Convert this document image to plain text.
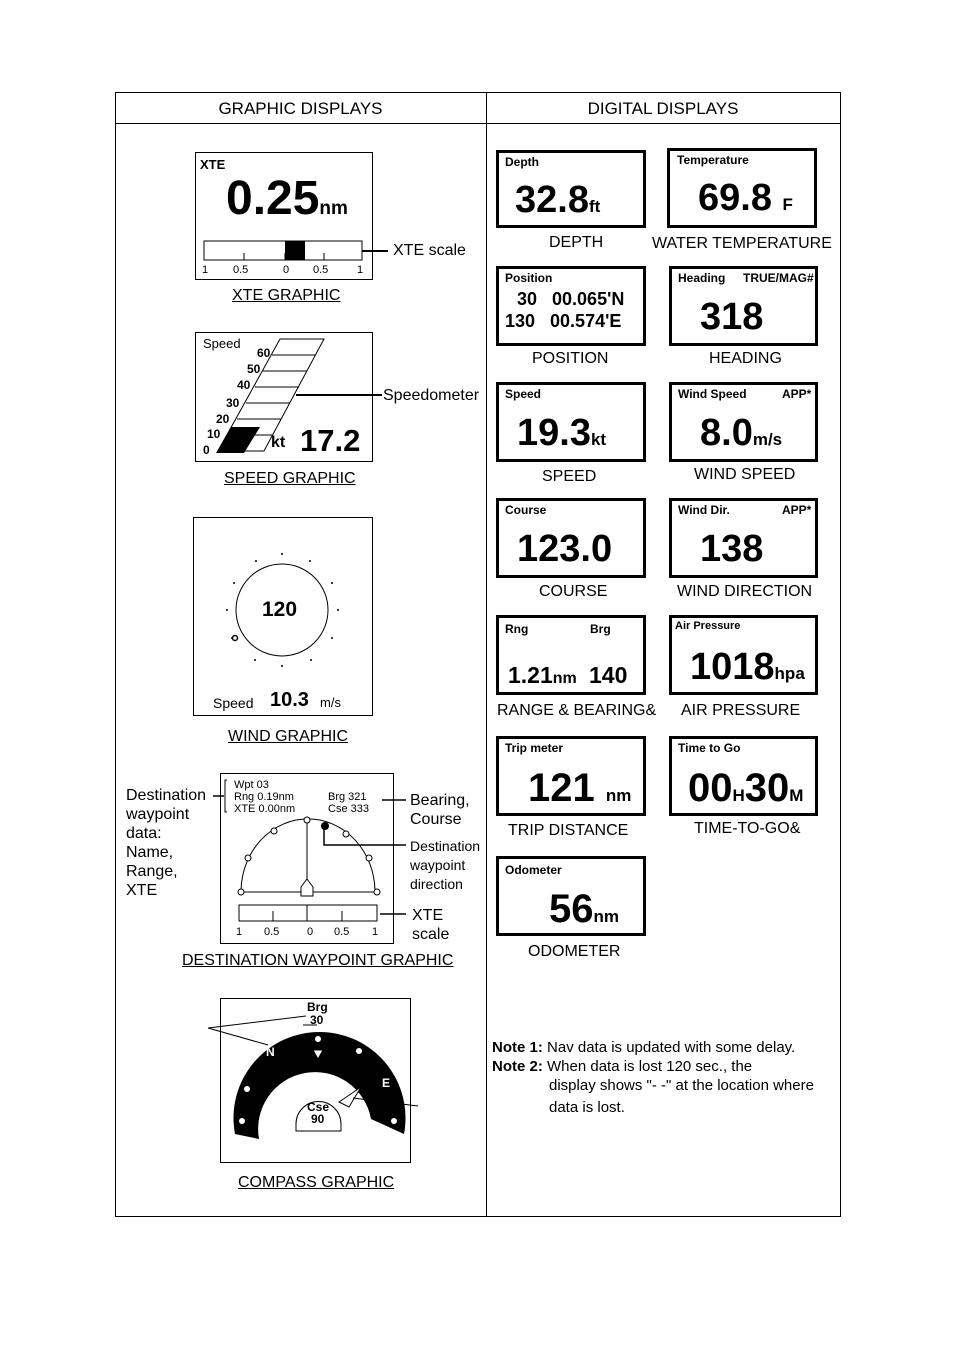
GRAPHIC DISPLAYS	DIGITAL DISPLAYS
XTE
0.25nm
1 0.5	0 0.5	1
XTE scale
XTE GRAPHIC
Speed
60
50
40
30
20
10
0	kt 17.2
Speedometer
SPEED GRAPHIC
120
Speed 10.3 m/s
WIND GRAPHIC
Wpt 03
Rng 0.19nm
XTE 0.00nm
Brg 321
Cse 333
1 0.5	0 0.5 1
Destination
waypoint
data:
Name,
Range,
XTE
Bearing,
Course
Destination
waypoint
direction
XTE
scale
DESTINATION WAYPOINT GRAPHIC
Brg
30
N
E
Cse
90
COMPASS GRAPHIC
Depth
32.8ft
DEPTH
Temperature
69.8 F
WATER TEMPERATURE
Position
30   00.065'N
130   00.574'E
POSITION
Heading TRUE/MAG#
318
HEADING
Speed
19.3kt
SPEED
Wind Speed	APP*
8.0m/s
WIND SPEED
Course
123.0
COURSE
Wind Dir.	APP*
138
WIND DIRECTION
Rng	Brg
1.21nm 140
RANGE & BEARING&
Air Pressure
1018hpa
AIR PRESSURE
Trip meter
121 nm
TRIP DISTANCE
Time to Go
00H30M
TIME-TO-GO&
Odometer
56nm
ODOMETER
Note 1: Nav data is updated with some delay.
Note 2: When data is lost 120 sec., the
display shows "- -" at the location where
data is lost.
